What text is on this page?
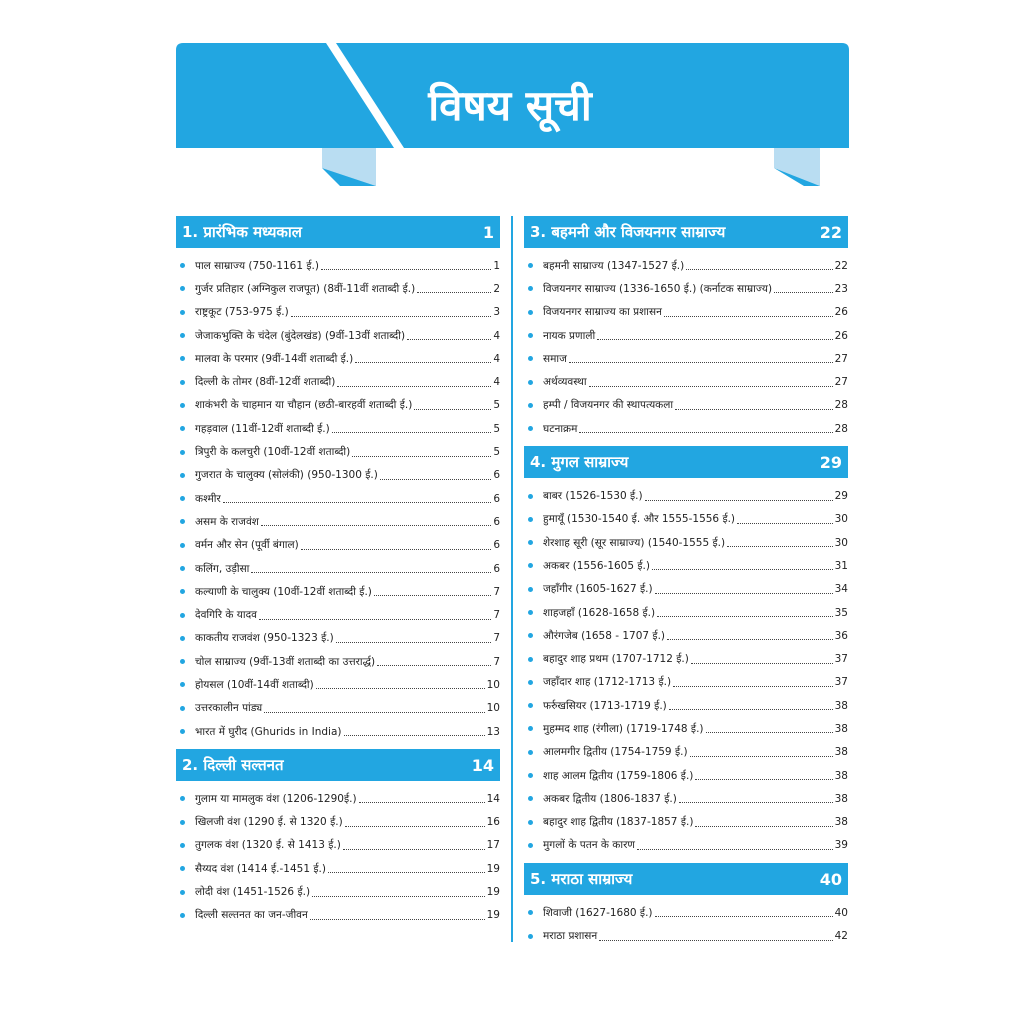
विषय सूची
1. प्रारंभिक मध्यकाल	1
पाल साम्राज्य (750-1161 ई.)	1
गुर्जर प्रतिहार (अग्निकुल राजपूत) (8वीं-11वीं शताब्दी ई.)	2
राष्ट्रकूट (753-975 ई.)	3
जेजाकभुक्ति के चंदेल (बुंदेलखंड) (9वीं-13वीं शताब्दी)	4
मालवा के परमार (9वीं-14वीं शताब्दी ई.)	4
दिल्ली के तोमर (8वीं-12वीं शताब्दी)	4
शाकंभरी के चाहमान या चौहान (छठी-बारहवीं शताब्दी ई.)	5
गहड़वाल (11वीं-12वीं शताब्दी ई.)	5
त्रिपुरी के कलचुरी (10वीं-12वीं शताब्दी)	5
गुजरात के चालुक्य (सोलंकी) (950-1300 ई.)	6
कश्मीर	6
असम के राजवंश	6
वर्मन और सेन (पूर्वी बंगाल)	6
कलिंग, उड़ीसा	6
कल्याणी के चालुक्य (10वीं-12वीं शताब्दी ई.)	7
देवगिरि के यादव	7
काकतीय राजवंश (950-1323 ई.)	7
चोल साम्राज्य (9वीं-13वीं शताब्दी का उत्तरार्द्ध)	7
होयसल (10वीं-14वीं शताब्दी)	10
उत्तरकालीन पांड्य	10
भारत में घुरीद (Ghurids in India)	13
2. दिल्ली सल्तनत	14
गुलाम या मामलुक वंश (1206-1290ई.)	14
खिलजी वंश (1290 ई. से 1320 ई.)	16
तुगलक वंश (1320 ई. से 1413 ई.)	17
सैय्यद वंश (1414 ई.-1451 ई.)	19
लोदी वंश (1451-1526 ई.)	19
दिल्ली सल्तनत का जन-जीवन	19
3. बहमनी और विजयनगर साम्राज्य	22
बहमनी साम्राज्य (1347-1527 ई.)	22
विजयनगर साम्राज्य (1336-1650 ई.) (कर्नाटक साम्राज्य)	23
विजयनगर साम्राज्य का प्रशासन	26
नायक प्रणाली	26
समाज	27
अर्थव्यवस्था	27
हम्पी / विजयनगर की स्थापत्यकला	28
घटनाक्रम	28
4. मुगल साम्राज्य	29
बाबर (1526-1530 ई.)	29
हुमायूँ (1530-1540 ई. और 1555-1556 ई.)	30
शेरशाह सूरी (सूर साम्राज्य) (1540-1555 ई.)	30
अकबर (1556-1605 ई.)	31
जहाँगीर (1605-1627 ई.)	34
शाहजहाँ (1628-1658 ई.)	35
औरंगजेब (1658 - 1707 ई.)	36
बहादुर शाह प्रथम (1707-1712 ई.)	37
जहाँदार शाह (1712-1713 ई.)	37
फर्रुखसियर (1713-1719 ई.)	38
मुहम्मद शाह (रंगीला) (1719-1748 ई.)	38
आलमगीर द्वितीय (1754-1759 ई.)	38
शाह आलम द्वितीय (1759-1806 ई.)	38
अकबर द्वितीय (1806-1837 ई.)	38
बहादुर शाह द्वितीय (1837-1857 ई.)	38
मुगलों के पतन के कारण	39
5. मराठा साम्राज्य	40
शिवाजी (1627-1680 ई.)	40
मराठा प्रशासन	42
